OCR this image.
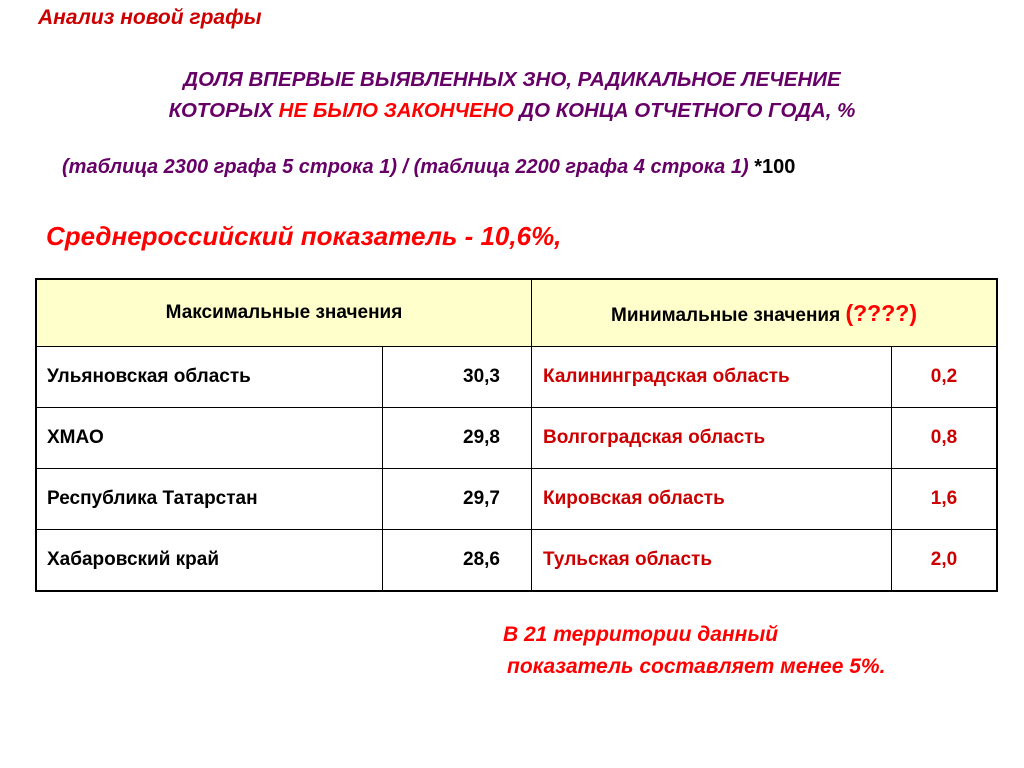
Анализ новой графы
ДОЛЯ ВПЕРВЫЕ ВЫЯВЛЕННЫХ ЗНО, РАДИКАЛЬНОЕ ЛЕЧЕНИЕ
КОТОРЫХ НЕ БЫЛО ЗАКОНЧЕНО ДО КОНЦА ОТЧЕТНОГО ГОДА, %
(таблица 2300 графа 5 строка 1) / (таблица 2200 графа 4 строка 1) *100
Среднероссийский показатель - 10,6%,
Максимальные значения		Минимальные значения (????)	
Ульяновская область	30,3	Калининградская область	0,2
ХМАО	29,8	Волгоградская область	0,8
Республика Татарстан	29,7	Кировская область	1,6
Хабаровский край	28,6	Тульская область	2,0
В 21 территории данный
показатель составляет менее 5%.
